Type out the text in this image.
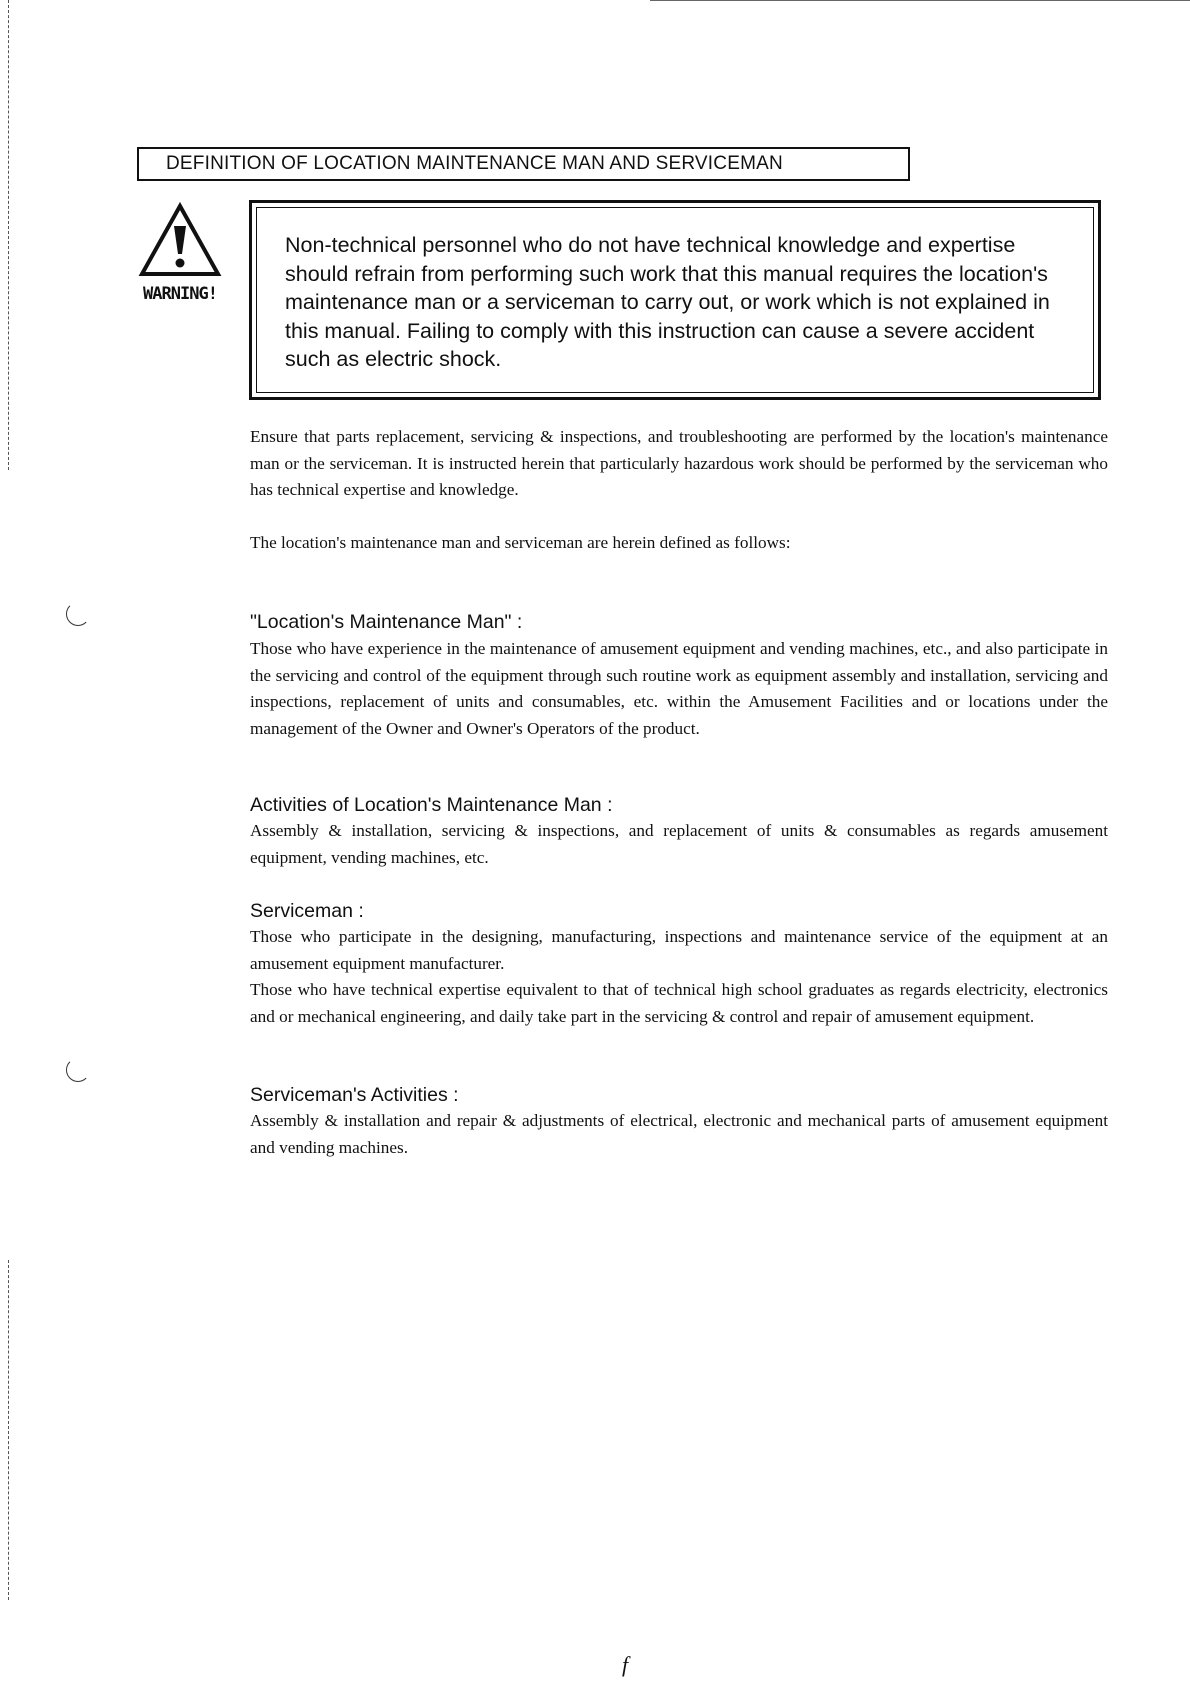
DEFINITION OF LOCATION MAINTENANCE MAN AND SERVICEMAN
WARNING!
Non-technical personnel who do not have technical knowledge and expertise should refrain from performing such work that this manual requires the location's maintenance man or a serviceman to carry out, or work which is not explained in this manual. Failing to comply with this instruction can cause a severe accident such as electric shock.
Ensure that parts replacement, servicing & inspections, and troubleshooting are performed by the location's maintenance man or the serviceman. It is instructed herein that particularly hazardous work should be performed by the serviceman who has technical expertise and knowledge.
The location's maintenance man and serviceman are herein defined as follows:
"Location's Maintenance Man" :
Those who have experience in the maintenance of amusement equipment and vending machines, etc., and also participate in the servicing and control of the equipment through such routine work as equipment assembly and installation, servicing and inspections, replacement of units and consumables, etc. within the Amusement Facilities and or locations under the management of the Owner and Owner's Operators of the product.
Activities of Location's Maintenance Man :
Assembly & installation, servicing & inspections, and replacement of units & consumables as regards amusement equipment, vending machines, etc.
Serviceman :
Those who participate in the designing, manufacturing, inspections and maintenance service of the equipment at an amusement equipment manufacturer.
Those who have technical expertise equivalent to that of technical high school graduates as regards electricity, electronics and or mechanical engineering, and daily take part in the servicing & control and repair of amusement equipment.
Serviceman's Activities :
Assembly & installation and repair & adjustments of electrical, electronic and mechanical parts of amusement equipment and vending machines.
f
